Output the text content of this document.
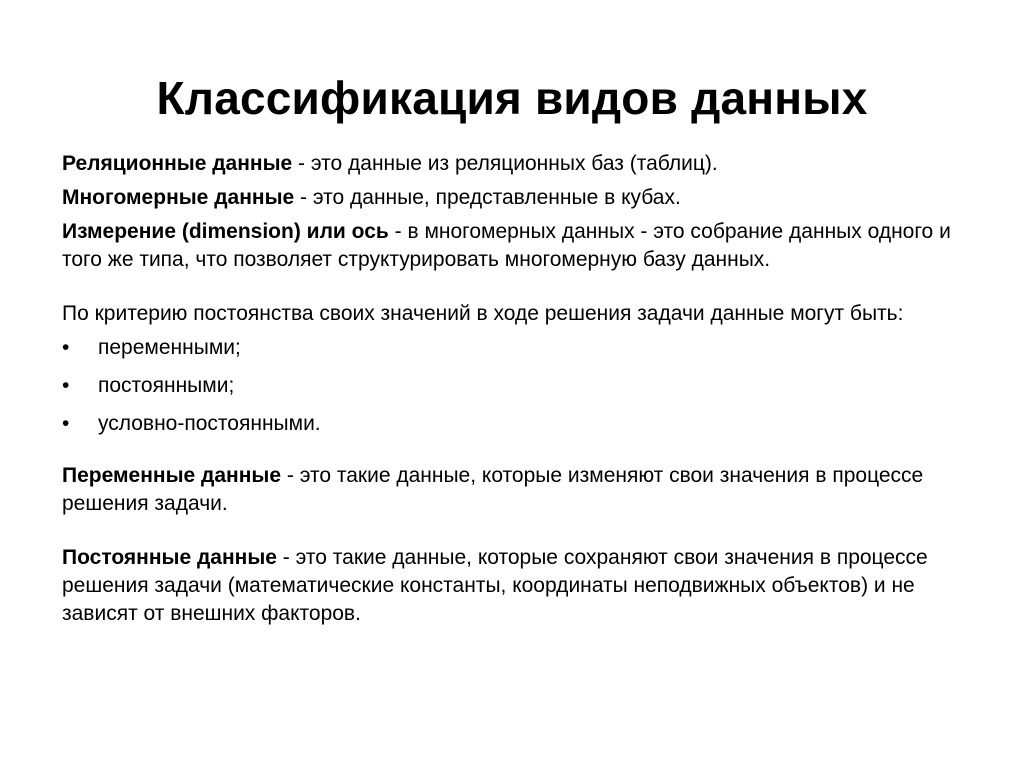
Классификация видов данных

Реляционные данные - это данные из реляционных баз (таблиц).

Многомерные данные - это данные, представленные в кубах.

Измерение (dimension) или ось - в многомерных данных - это собрание данных одного и того же типа, что позволяет структурировать многомерную базу данных.

По критерию постоянства своих значений в ходе решения задачи данные могут быть:

•	переменными;
•	постоянными;
•	условно-постоянными.

Переменные данные - это такие данные, которые изменяют свои значения в процессе решения задачи.

Постоянные данные - это такие данные, которые сохраняют свои значения в процессе решения задачи (математические константы, координаты неподвижных объектов) и не зависят от внешних факторов.
